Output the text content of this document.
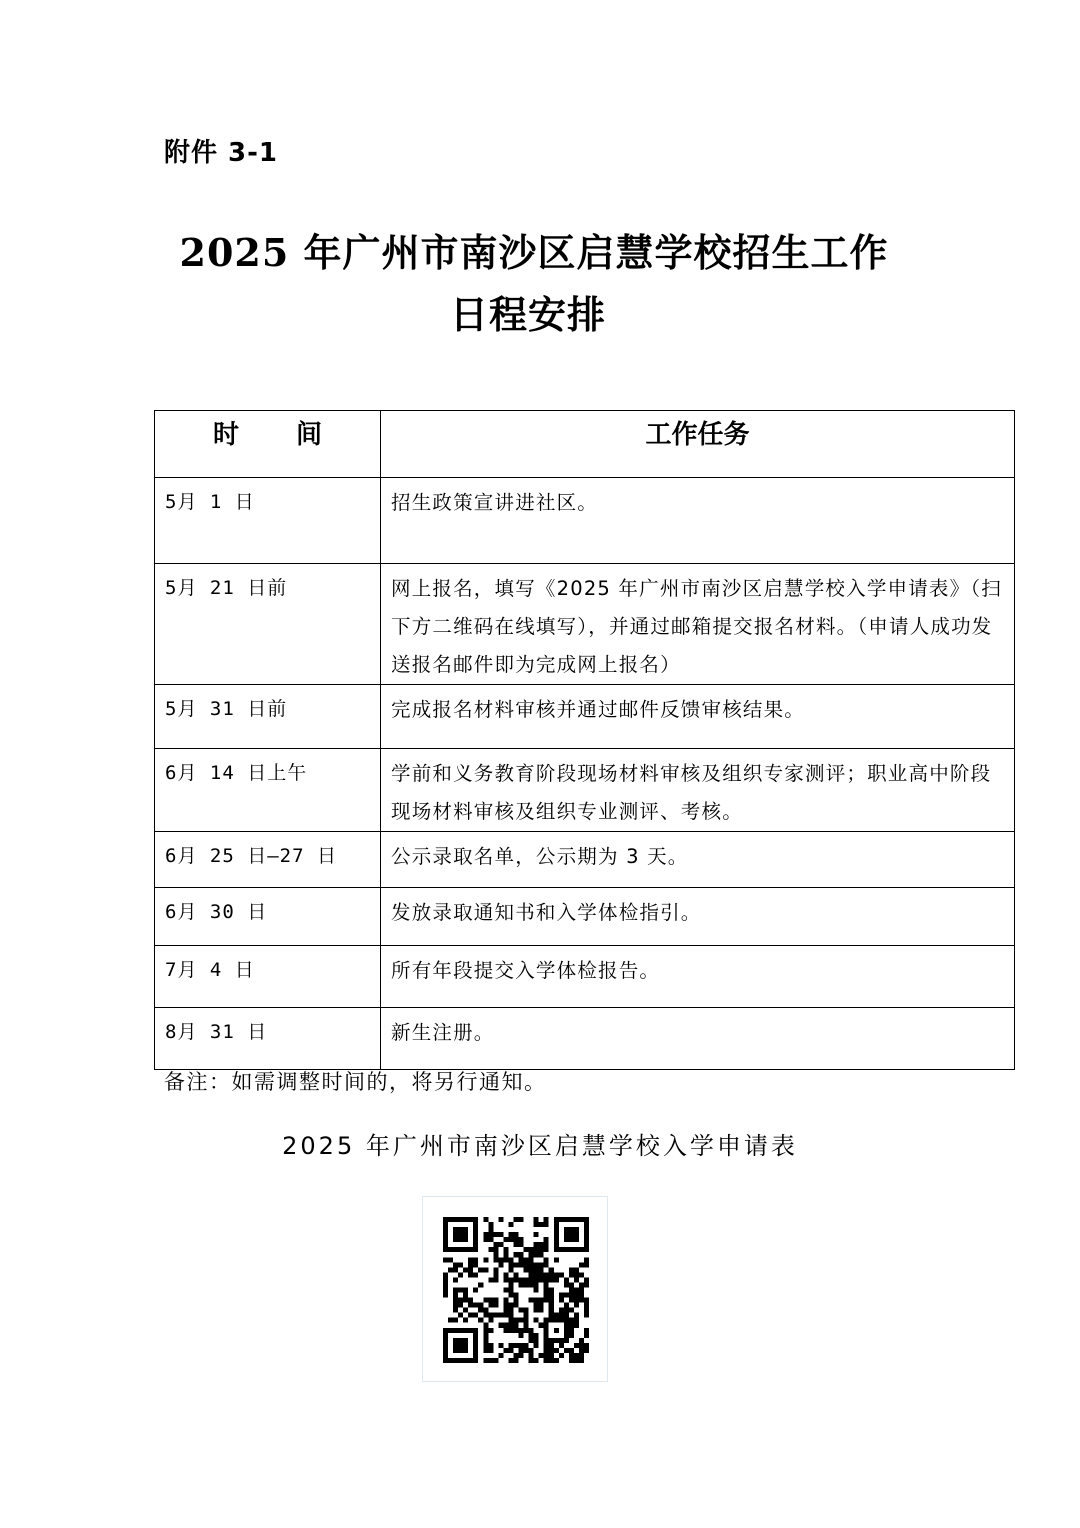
附件 3-1
2025 年广州市南沙区启慧学校招生工作
日程安排
时 间	工作任务
5月 1 日	招生政策宣讲进社区。
5月 21 日前	网上报名，填写《2025 年广州市南沙区启慧学校入学申请表》（扫下方二维码在线填写），并通过邮箱提交报名材料。（申请人成功发送报名邮件即为完成网上报名）
5月 31 日前	完成报名材料审核并通过邮件反馈审核结果。
6月 14 日上午	学前和义务教育阶段现场材料审核及组织专家测评；职业高中阶段现场材料审核及组织专业测评、考核。
6月 25 日—27 日	公示录取名单，公示期为 3 天。
6月 30 日	发放录取通知书和入学体检指引。
7月 4 日	所有年段提交入学体检报告。
8月 31 日	新生注册。
备注：如需调整时间的，将另行通知。
2025 年广州市南沙区启慧学校入学申请表
